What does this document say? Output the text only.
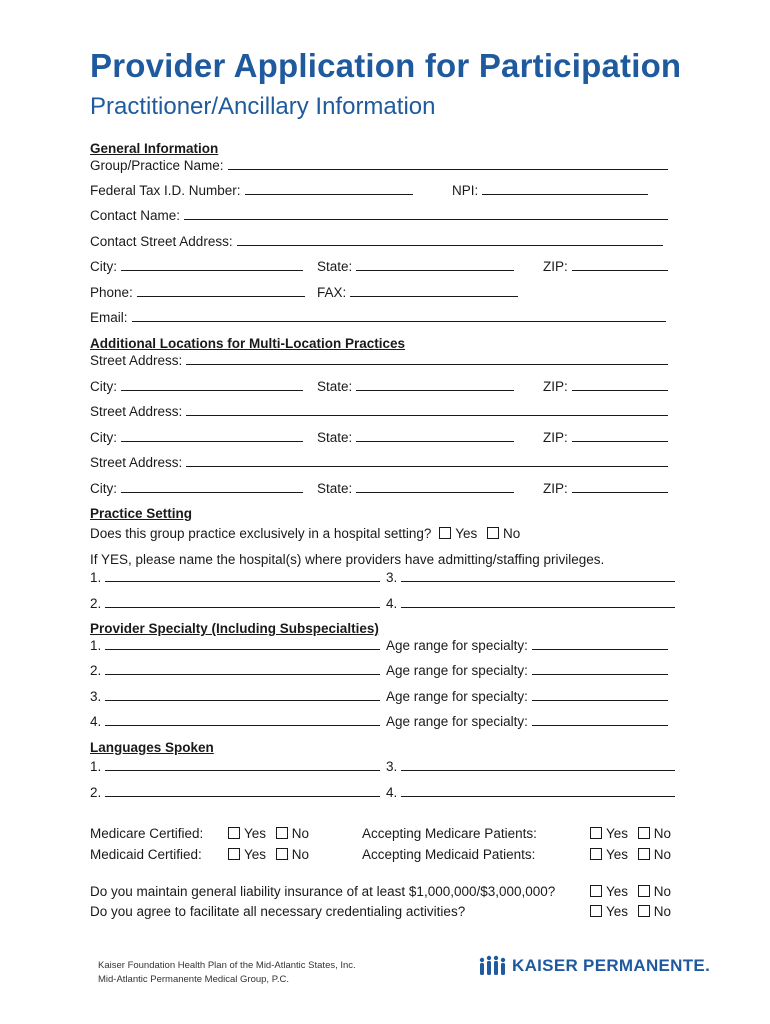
Provider Application for Participation
Practitioner/Ancillary Information
General Information
Group/Practice Name:
Federal Tax I.D. Number:	NPI:
Contact Name:
Contact Street Address:
City:	State:	ZIP:
Phone:	FAX:
Email:
Additional Locations for Multi-Location Practices
Street Address:
City:	State:	ZIP:
Street Address:
City:	State:	ZIP:
Street Address:
City:	State:	ZIP:
Practice Setting
Does this group practice exclusively in a hospital setting? Yes No
If YES, please name the hospital(s) where providers have admitting/staffing privileges.
1.	3.
2.	4.
Provider Specialty (Including Subspecialties)
1.	Age range for specialty:
2.	Age range for specialty:
3.	Age range for specialty:
4.	Age range for specialty:
Languages Spoken
1.	3.
2.	4.
Medicare Certified:	Yes No	Accepting Medicare Patients:	Yes No
Medicaid Certified:	Yes No	Accepting Medicaid Patients:	Yes No
Do you maintain general liability insurance of at least $1,000,000/$3,000,000?	Yes No
Do you agree to facilitate all necessary credentialing activities?	Yes No
Kaiser Foundation Health Plan of the Mid-Atlantic States, Inc.
Mid-Atlantic Permanente Medical Group, P.C.
KAISER PERMANENTE.
